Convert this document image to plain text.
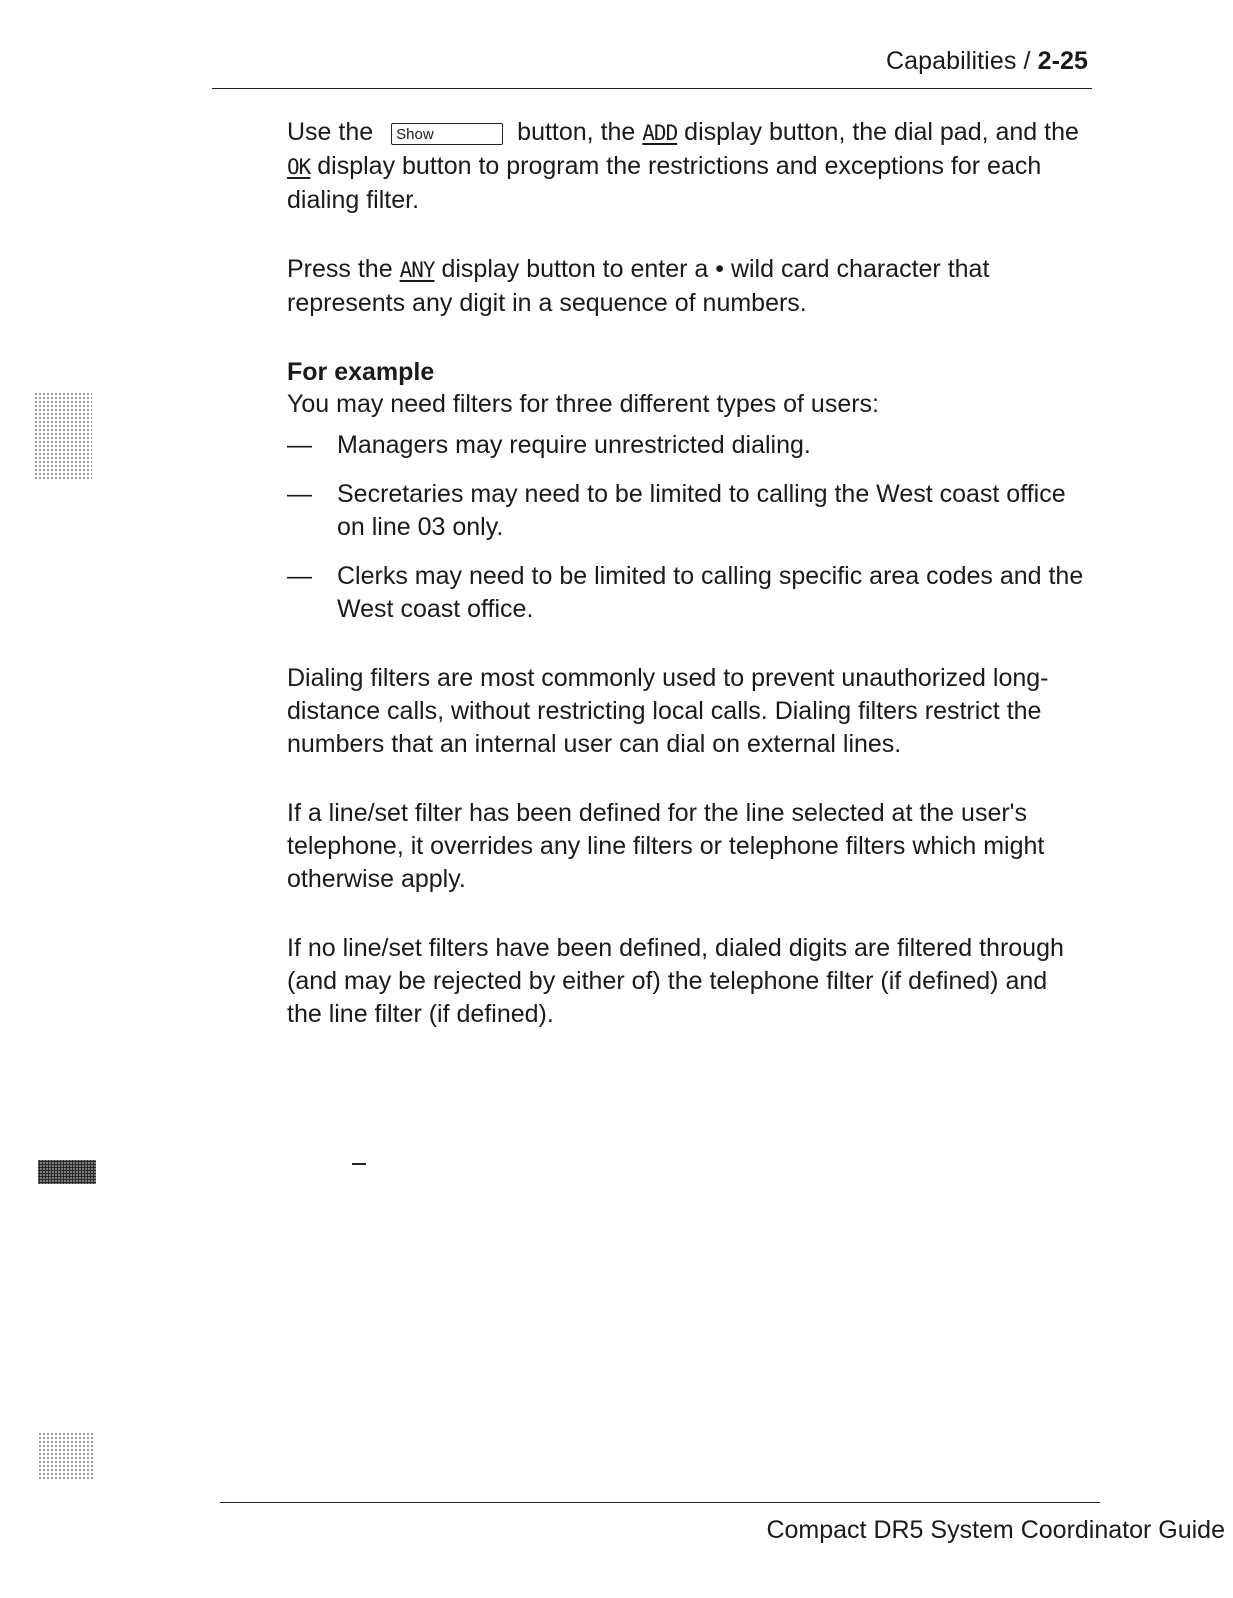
Capabilities / 2-25

Use the Show	button, the ADD display button, the dial pad, and the OK display button to program the restrictions and exceptions for each dialing filter.

Press the ANY display button to enter a • wild card character that represents any digit in a sequence of numbers.

For example

You may need filters for three different types of users:

— Managers may require unrestricted dialing.
— Secretaries may need to be limited to calling the West coast office on line 03 only.
— Clerks may need to be limited to calling specific area codes and the West coast office.

Dialing filters are most commonly used to prevent unauthorized long-distance calls, without restricting local calls. Dialing filters restrict the numbers that an internal user can dial on external lines.

If a line/set filter has been defined for the line selected at the user's telephone, it overrides any line filters or telephone filters which might otherwise apply.

If no line/set filters have been defined, dialed digits are filtered through (and may be rejected by either of) the telephone filter (if defined) and the line filter (if defined).

Compact DR5 System Coordinator Guide
